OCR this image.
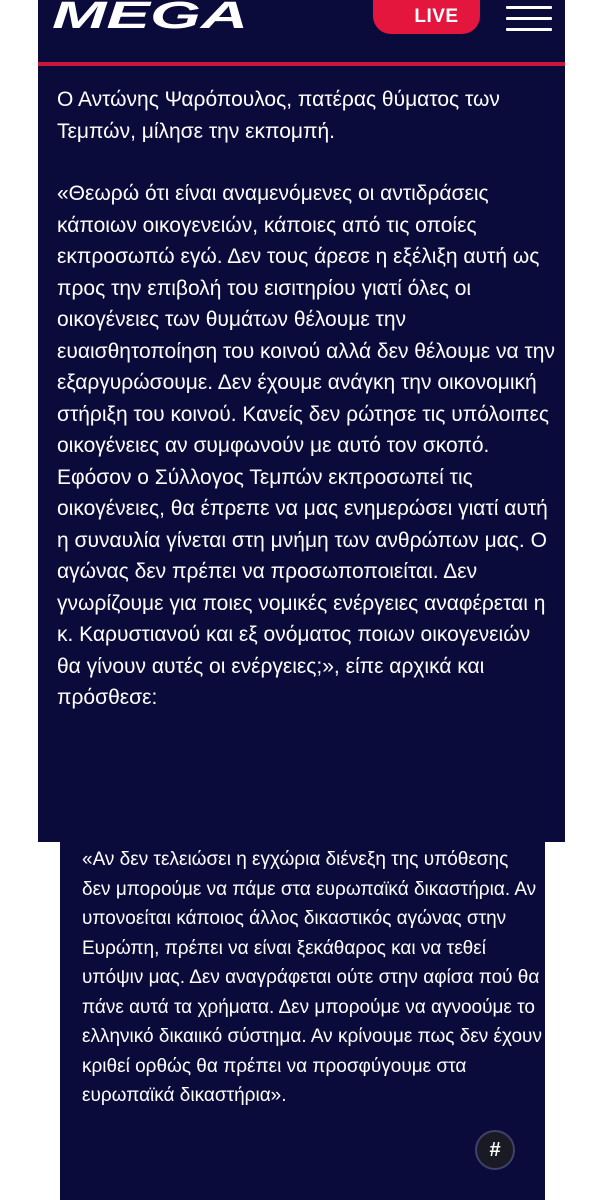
MEGA	LIVE

Ο Αντώνης Ψαρόπουλος, πατέρας θύματος των Τεμπών, μίλησε την εκπομπή.

«Θεωρώ ότι είναι αναμενόμενες οι αντιδράσεις κάποιων οικογενειών, κάποιες από τις οποίες εκπροσωπώ εγώ. Δεν τους άρεσε η εξέλιξη αυτή ως προς την επιβολή του εισιτηρίου γιατί όλες οι οικογένειες των θυμάτων θέλουμε την ευαισθητοποίηση του κοινού αλλά δεν θέλουμε να την εξαργυρώσουμε. Δεν έχουμε ανάγκη την οικονομική στήριξη του κοινού. Κανείς δεν ρώτησε τις υπόλοιπες οικογένειες αν συμφωνούν με αυτό τον σκοπό. Εφόσον ο Σύλλογος Τεμπών εκπροσωπεί τις οικογένειες, θα έπρεπε να μας ενημερώσει γιατί αυτή η συναυλία γίνεται στη μνήμη των ανθρώπων μας. Ο αγώνας δεν πρέπει να προσωποποιείται. Δεν γνωρίζουμε για ποιες νομικές ενέργειες αναφέρεται η κ. Καρυστιανού και εξ ονόματος ποιων οικογενειών θα γίνουν αυτές οι ενέργειες;», είπε αρχικά και πρόσθεσε:

«Αν δεν τελειώσει η εγχώρια διένεξη της υπόθεσης δεν μπορούμε να πάμε στα ευρωπαϊκά δικαστήρια. Αν υπονοείται κάποιος άλλος δικαστικός αγώνας στην Ευρώπη, πρέπει να είναι ξεκάθαρος και να τεθεί υπόψιν μας. Δεν αναγράφεται ούτε στην αφίσα πού θα πάνε αυτά τα χρήματα. Δεν μπορούμε να αγνοούμε το ελληνικό δικαιικό σύστημα. Αν κρίνουμε πως δεν έχουν κριθεί ορθώς θα πρέπει να προσφύγουμε στα ευρωπαϊκά δικαστήρια».

#
